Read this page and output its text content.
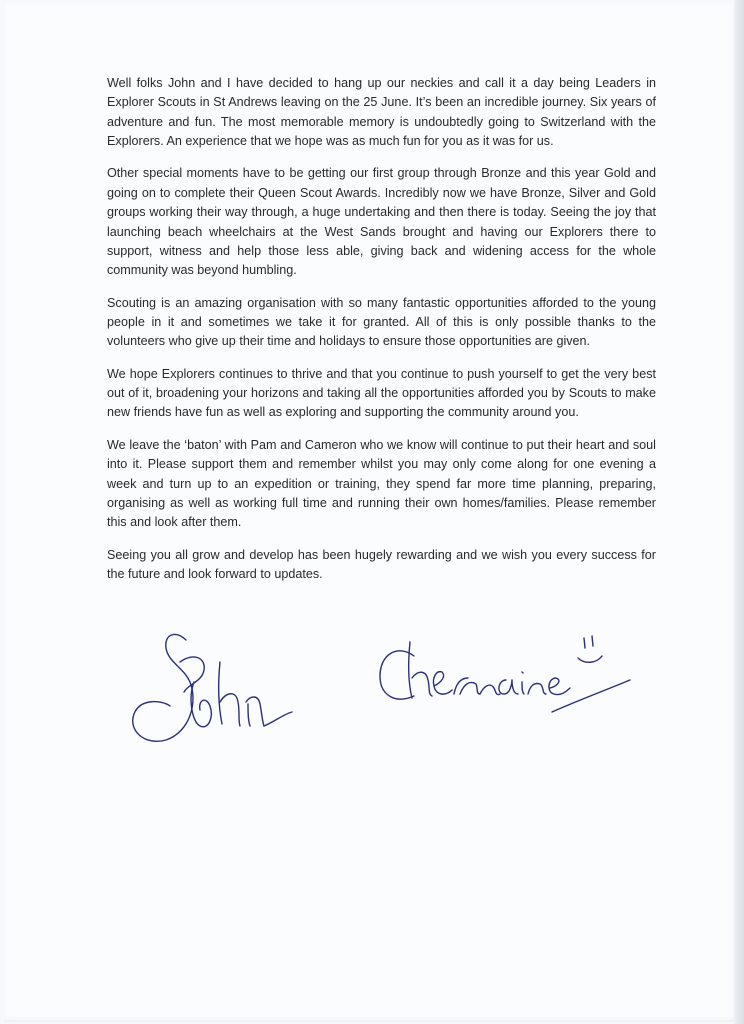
Well folks John and I have decided to hang up our neckies and call it a day being Leaders in Explorer Scouts in St Andrews leaving on the 25 June. It’s been an incredible journey. Six years of adventure and fun. The most memorable memory is undoubtedly going to Switzerland with the Explorers. An experience that we hope was as much fun for you as it was for us.

Other special moments have to be getting our first group through Bronze and this year Gold and going on to complete their Queen Scout Awards. Incredibly now we have Bronze, Silver and Gold groups working their way through, a huge undertaking and then there is today. Seeing the joy that launching beach wheelchairs at the West Sands brought and having our Explorers there to support, witness and help those less able, giving back and widening access for the whole community was beyond humbling.

Scouting is an amazing organisation with so many fantastic opportunities afforded to the young people in it and sometimes we take it for granted. All of this is only possible thanks to the volunteers who give up their time and holidays to ensure those opportunities are given.

We hope Explorers continues to thrive and that you continue to push yourself to get the very best out of it, broadening your horizons and taking all the opportunities afforded you by Scouts to make new friends have fun as well as exploring and supporting the community around you.

We leave the ‘baton’ with Pam and Cameron who we know will continue to put their heart and soul into it. Please support them and remember whilst you may only come along for one evening a week and turn up to an expedition or training, they spend far more time planning, preparing, organising as well as working full time and running their own homes/families. Please remember this and look after them.

Seeing you all grow and develop has been hugely rewarding and we wish you every success for the future and look forward to updates.
